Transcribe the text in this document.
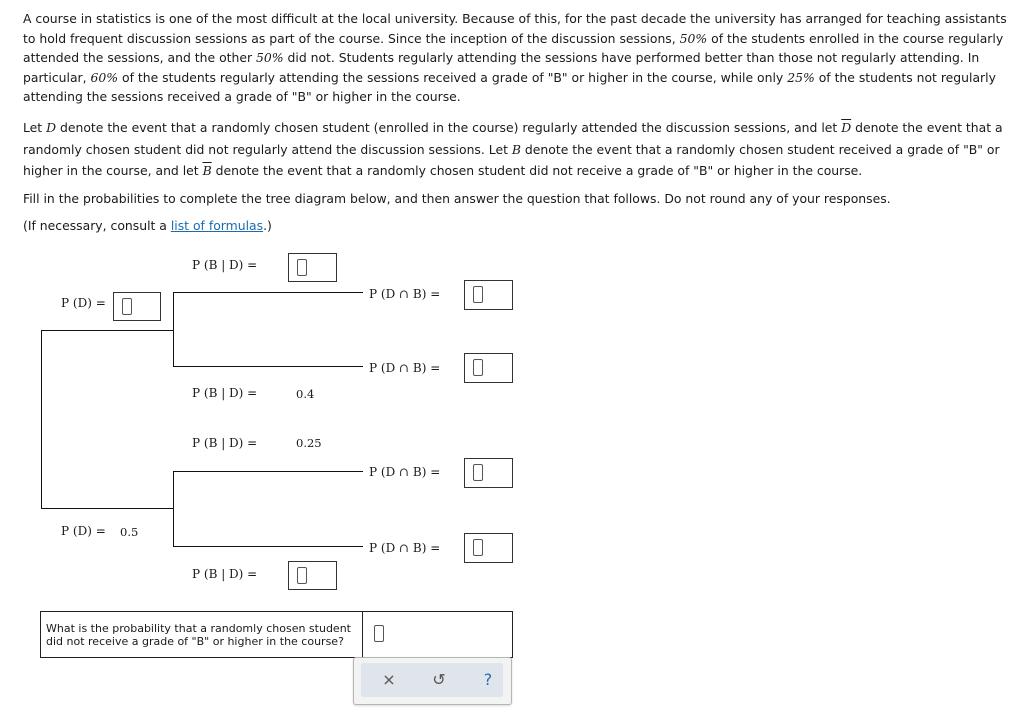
A course in statistics is one of the most difficult at the local university. Because of this, for the past decade the university has arranged for teaching assistants to hold frequent discussion sessions as part of the course. Since the inception of the discussion sessions, 50% of the students enrolled in the course regularly attended the sessions, and the other 50% did not. Students regularly attending the sessions have performed better than those not regularly attending. In particular, 60% of the students regularly attending the sessions received a grade of "B" or higher in the course, while only 25% of the students not regularly attending the sessions received a grade of "B" or higher in the course.
Let D denote the event that a randomly chosen student (enrolled in the course) regularly attended the discussion sessions, and let $\overline{D}$ denote the event that a randomly chosen student did not regularly attend the discussion sessions. Let B denote the event that a randomly chosen student received a grade of "B" or higher in the course, and let $\overline{B}$ denote the event that a randomly chosen student did not receive a grade of "B" or higher in the course.
Fill in the probabilities to complete the tree diagram below, and then answer the question that follows. Do not round any of your responses.
(If necessary, consult a list of formulas.)
P (D) =
P (D) = 0.5
P (B | D) =
P (B | D) =	0.4
P (B | D) =	0.25
P (B | D) =
P (D ∩ B) =
P (D ∩ B) =
P (D ∩ B) =
P (D ∩ B) =
What is the probability that a randomly chosen student did not receive a grade of "B" or higher in the course?
×	↺	?
